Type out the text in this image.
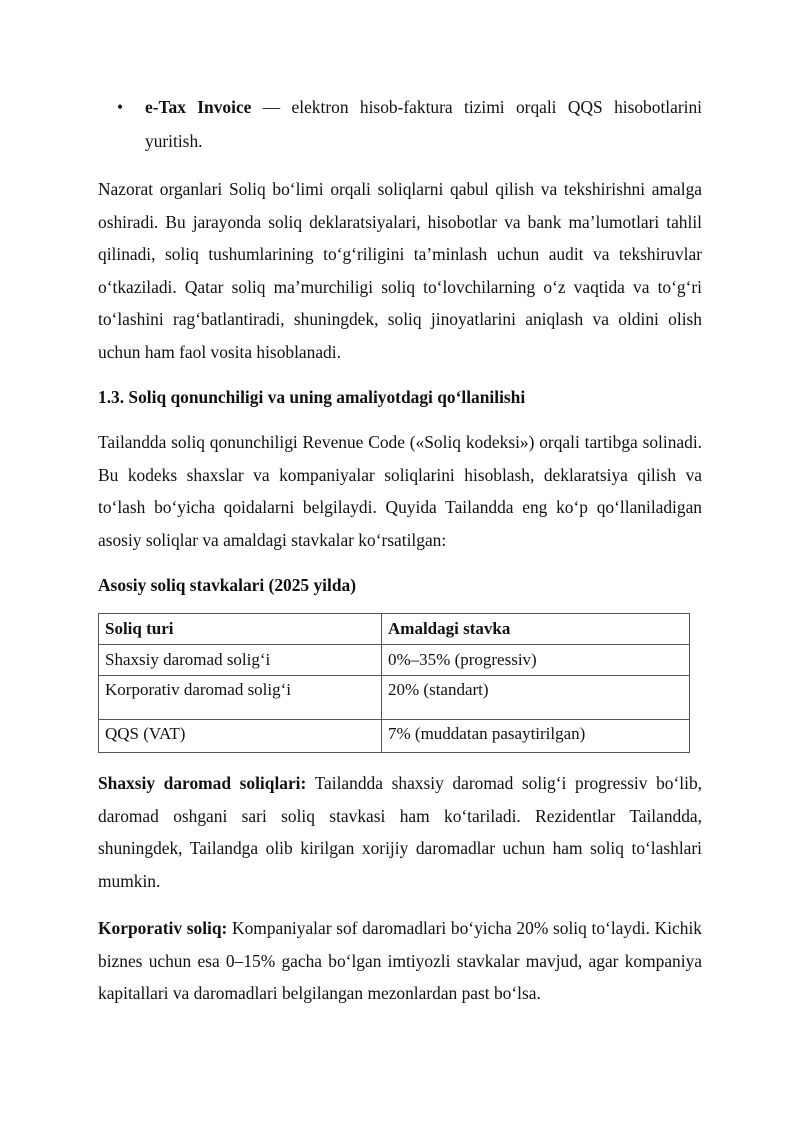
• e-Tax Invoice — elektron hisob-faktura tizimi orqali QQS hisobotlarini yuritish.

Nazorat organlari Soliq bo‘limi orqali soliqlarni qabul qilish va tekshirishni amalga oshiradi. Bu jarayonda soliq deklaratsiyalari, hisobotlar va bank ma’lumotlari tahlil qilinadi, soliq tushumlarining to‘g‘riligini ta’minlash uchun audit va tekshiruvlar o‘tkaziladi. Qatar soliq ma’murchiligi soliq to‘lovchilarning o‘z vaqtida va to‘g‘ri to‘lashini rag‘batlantiradi, shuningdek, soliq jinoyatlarini aniqlash va oldini olish uchun ham faol vosita hisoblanadi.

1.3. Soliq qonunchiligi va uning amaliyotdagi qo‘llanilishi

Tailandda soliq qonunchiligi Revenue Code («Soliq kodeksi») orqali tartibga solinadi. Bu kodeks shaxslar va kompaniyalar soliqlarini hisoblash, deklaratsiya qilish va to‘lash bo‘yicha qoidalarni belgilaydi. Quyida Tailandda eng ko‘p qo‘llaniladigan asosiy soliqlar va amaldagi stavkalar ko‘rsatilgan:

Asosiy soliq stavkalari (2025 yilda)
Soliq turi	Amaldagi stavka
Shaxsiy daromad solig‘i	0%–35% (progressiv)
Korporativ daromad solig‘i	20% (standart)
QQS (VAT)	7% (muddatan pasaytirilgan)

Shaxsiy daromad soliqlari: Tailandda shaxsiy daromad solig‘i progressiv bo‘lib, daromad oshgani sari soliq stavkasi ham ko‘tariladi. Rezidentlar Tailandda, shuningdek, Tailandga olib kirilgan xorijiy daromadlar uchun ham soliq to‘lashlari mumkin.

Korporativ soliq: Kompaniyalar sof daromadlari bo‘yicha 20% soliq to‘laydi. Kichik biznes uchun esa 0–15% gacha bo‘lgan imtiyozli stavkalar mavjud, agar kompaniya kapitallari va daromadlari belgilangan mezonlardan past bo‘lsa.
